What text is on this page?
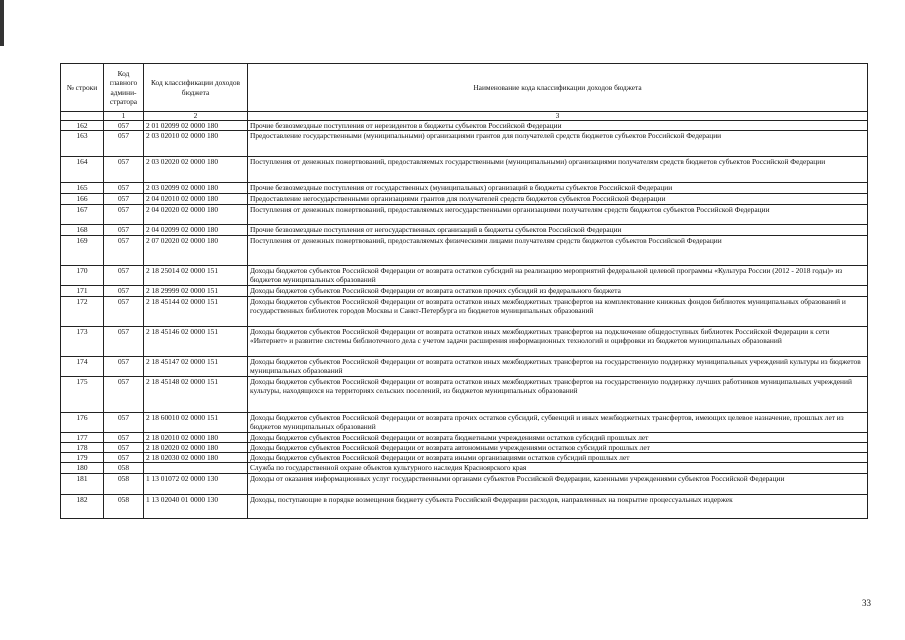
№ строки	Код главного админи-стратора	Код классификации доходов бюджета	Наименование кода классификации доходов бюджета
	1	2	3
162	057	2 01 02099 02 0000 180	Прочие безвозмездные поступления от нерезидентов в бюджеты субъектов Российской Федерации
163	057	2 03 02010 02 0000 180	Предоставление государственными (муниципальными) организациями грантов для получателей средств бюджетов субъектов Российской Федерации
164	057	2 03 02020 02 0000 180	Поступления от денежных пожертвований, предоставляемых государственными (муниципальными) организациями получателям средств бюджетов субъектов Российской Федерации
165	057	2 03 02099 02 0000 180	Прочие безвозмездные поступления от государственных (муниципальных) организаций в бюджеты субъектов Российской Федерации
166	057	2 04 02010 02 0000 180	Предоставление негосударственными организациями грантов для получателей средств бюджетов субъектов Российской Федерации
167	057	2 04 02020 02 0000 180	Поступления от денежных пожертвований, предоставляемых негосударственными организациями получателям средств бюджетов субъектов Российской Федерации
168	057	2 04 02099 02 0000 180	Прочие безвозмездные поступления от негосударственных организаций в бюджеты субъектов Российской Федерации
169	057	2 07 02020 02 0000 180	Поступления от денежных пожертвований, предоставляемых физическими лицами получателям средств бюджетов субъектов Российской Федерации
170	057	2 18 25014 02 0000 151	Доходы бюджетов субъектов Российской Федерации от возврата остатков субсидий на реализацию мероприятий федеральной целевой программы «Культура России (2012 - 2018 годы)» из бюджетов муниципальных образований
171	057	2 18 29999 02 0000 151	Доходы бюджетов субъектов Российской Федерации от возврата остатков прочих субсидий из федерального бюджета
172	057	2 18 45144 02 0000 151	Доходы бюджетов субъектов Российской Федерации от возврата остатков иных межбюджетных трансфертов на комплектование книжных фондов библиотек муниципальных образований и государственных библиотек городов Москвы и Санкт-Петербурга из бюджетов муниципальных образований
173	057	2 18 45146 02 0000 151	Доходы бюджетов субъектов Российской Федерации от возврата остатков иных межбюджетных трансфертов на подключение общедоступных библиотек Российской Федерации к сети «Интернет» и развитие системы библиотечного дела с учетом задачи расширения информационных технологий и оцифровки из бюджетов муниципальных образований
174	057	2 18 45147 02 0000 151	Доходы бюджетов субъектов Российской Федерации от возврата остатков иных межбюджетных трансфертов на государственную поддержку муниципальных учреждений культуры из бюджетов муниципальных образований
175	057	2 18 45148 02 0000 151	Доходы бюджетов субъектов Российской Федерации от возврата остатков иных межбюджетных трансфертов на государственную поддержку лучших работников муниципальных учреждений культуры, находящихся на территориях сельских поселений, из бюджетов муниципальных образований
176	057	2 18 60010 02 0000 151	Доходы бюджетов субъектов Российской Федерации от возврата прочих остатков субсидий, субвенций и иных межбюджетных трансфертов, имеющих целевое назначение, прошлых лет из бюджетов муниципальных образований
177	057	2 18 02010 02 0000 180	Доходы бюджетов субъектов Российской Федерации от возврата бюджетными учреждениями остатков субсидий прошлых лет
178	057	2 18 02020 02 0000 180	Доходы бюджетов субъектов Российской Федерации от возврата автономными учреждениями остатков субсидий прошлых лет
179	057	2 18 02030 02 0000 180	Доходы бюджетов субъектов Российской Федерации от возврата иными организациями остатков субсидий прошлых лет
180	058		Служба по государственной охране объектов культурного наследия Красноярского края
181	058	1 13 01072 02 0000 130	Доходы от оказания информационных услуг государственными органами субъектов Российской Федерации, казенными учреждениями субъектов Российской Федерации
182	058	1 13 02040 01 0000 130	Доходы, поступающие в порядке возмещения бюджету субъекта Российской Федерации расходов, направленных на покрытие процессуальных издержек
33
